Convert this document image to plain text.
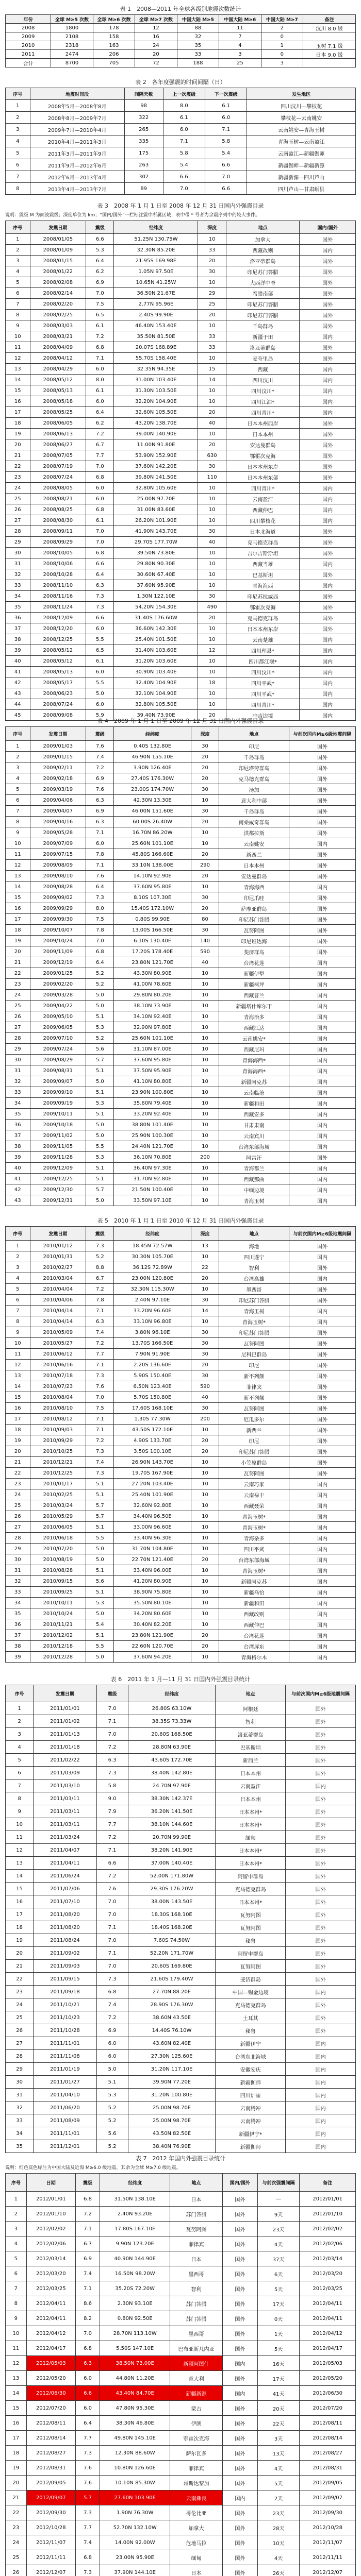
表 1　2008—2011 年全球各级别地震次数统计
年份	全球 M≥5 次数	全球 M≥6 次数	全球 M≥7 次数	中国大陆 M≥5	中国大陆 M≥6	中国大陆 M≥7	备注
2008	1800	178	12	88	11	2	汶川 8.0 级
2009	2108	158	16	32	7	0	
2010	2318	163	24	35	4	1	玉树 7.1 级
2011	2474	206	20	33	3	0	日本 9.0 级
合计	8700	705	72	188	25	3	
表 2　各年度强震的时间间隔（日）
序号	地震时间段	间隔天数	上一次震级	下一次震级	发生地区
1	2008年5月—2008年8月	98	8.0	6.1	四川汶川—攀枝花
2	2008年8月—2009年7月	322	6.1	6.0	攀枝花—云南姚安
3	2009年7月—2010年4月	265	6.0	7.1	云南姚安—青海玉树
4	2010年4月—2011年3月	335	7.1	5.8	青海玉树—云南盈江
5	2011年3月—2011年9月	175	5.8	5.4	云南盈江—新疆伽师
6	2011年9月—2012年6月	263	5.4	6.6	新疆伽师—新疆新源
7	2012年6月—2013年4月	302	6.6	7.0	新疆新源—四川芦山
8	2013年4月—2013年7月	89	7.0	6.6	四川芦山—甘肃岷县
表 3　2008 年 1 月 1 日至 2008 年 12 月 31 日国内外强震目录
说明：震级 M 为面波震级；深度单位为 km；“国内/国外”一栏标注震中所属区域；表中带 * 号者为余震序列中的较大事件。
序号	发震日期	震级	经纬度	深度	地点	国内/国外
1	2008/01/05	6.6	51.25N 130.75W	10	加拿大	国外
2	2008/01/09	5.3	32.30N 85.20E	33	西藏改则	国内
3	2008/01/15	6.4	21.95S 169.98E	20	洛亚蒂群岛	国外
4	2008/01/22	6.2	1.05N 97.50E	30	印尼苏门答腊	国外
5	2008/02/08	6.9	10.65N 41.25W	10	大西洋中脊	国外
6	2008/02/14	7.0	36.50N 21.67E	29	希腊南部	国外
7	2008/02/20	7.5	2.77N 95.96E	25	印尼苏门答腊	国外
8	2008/02/25	6.5	2.40S 99.90E	20	印尼苏门答腊	国外
9	2008/03/03	6.1	46.40N 153.40E	10	千岛群岛	国外
10	2008/03/21	7.2	35.50N 81.50E	33	新疆于田	国内
11	2008/04/09	6.8	20.07S 168.89E	33	洛亚蒂群岛	国外
12	2008/04/12	7.1	55.70S 158.40E	10	麦夸里岛	国外
13	2008/04/29	6.0	32.35N 94.35E	15	西藏	国内
14	2008/05/12	8.0	31.00N 103.40E	14	四川汶川	国内
15	2008/05/13	6.1	31.30N 103.50E	10	四川汶川*	国内
16	2008/05/18	6.0	32.20N 104.90E	10	四川江油*	国内
17	2008/05/25	6.4	32.60N 105.50E	20	四川青川*	国内
18	2008/06/05	6.2	43.20N 138.70E	40	日本本州西岸	国外
19	2008/06/13	7.2	39.00N 140.90E	10	日本本州	国外
20	2008/06/27	6.7	11.00N 91.80E	20	安达曼群岛	国外
21	2008/07/05	7.7	53.90N 152.90E	630	鄂霍次克海	国外
22	2008/07/19	7.0	37.60N 142.20E	30	日本本州东岸	国外
23	2008/07/24	6.8	39.80N 141.50E	110	日本本州东部	国外
24	2008/08/05	6.0	32.80N 105.60E	10	四川青川*	国内
25	2008/08/21	6.0	25.00N 97.70E	10	云南盈江	国内
26	2008/08/25	6.8	31.00N 83.60E	10	西藏仲巴	国内
27	2008/08/30	6.1	26.20N 101.90E	10	四川攀枝花	国内
28	2008/09/11	7.0	41.90N 143.70E	30	日本北海道	国外
29	2008/09/29	7.0	29.70S 177.70W	40	克马德克群岛	国外
30	2008/10/05	6.8	39.50N 73.80E	10	吉尔吉斯斯坦	国外
31	2008/10/06	6.6	29.80N 90.30E	10	西藏当雄	国内
32	2008/10/28	6.4	30.60N 67.40E	10	巴基斯坦	国外
33	2008/11/10	6.3	37.60N 95.90E	10	青海海西	国内
34	2008/11/16	7.3	1.30N 122.10E	30	印尼苏拉威西	国外
35	2008/11/24	7.3	54.20N 154.30E	490	鄂霍次克海	国外
36	2008/12/09	6.6	31.40S 176.60W	20	克马德克群岛	国外
37	2008/12/20	6.0	36.60N 142.30E	10	日本本州东岸	国外
38	2008/12/25	5.5	25.40N 101.50E	10	云南楚雄	国内
39	2008/05/12	6.5	31.40N 103.60E	12	四川理县*	国内
40	2008/05/12	6.1	31.20N 103.60E	10	四川都江堰*	国内
41	2008/05/13	6.0	30.90N 103.40E	10	四川汶川*	国内
42	2008/05/17	5.5	32.40N 104.90E	18	四川平武*	国内
43	2008/06/23	5.0	32.10N 104.90E	10	四川平武*	国内
44	2008/07/24	6.0	32.80N 105.50E	10	四川青川*	国内
45	2008/09/08	5.9	39.40N 73.90E	20	中吉边境	国内
表 4　2009 年 1 月 1 日至 2009 年 12 月 31 日国内外强震目录
序号	发震日期	震级	经纬度	深度	地点	与前次国内M≥6级地震间隔
1	2009/01/03	7.6	0.40S 132.80E	30	印尼	国外
2	2009/01/15	7.4	46.90N 155.10E	20	千岛群岛	国外
3	2009/02/11	7.2	3.90N 126.40E	20	印尼塔劳群岛	国外
4	2009/02/18	6.9	27.40S 176.30W	20	克马德克群岛	国外
5	2009/03/19	7.6	23.00S 174.70W	30	汤加	国外
6	2009/04/06	6.3	42.30N 13.30E	10	意大利中部	国外
7	2009/04/07	6.9	46.00N 151.60E	30	千岛群岛	国外
8	2009/04/16	6.3	60.00S 26.40W	20	南桑威奇群岛	国外
9	2009/05/28	7.1	16.70N 86.20W	10	洪都拉斯	国外
10	2009/07/09	6.0	25.60N 101.10E	10	云南姚安	国内
11	2009/07/15	7.8	45.80S 166.60E	20	新西兰	国外
12	2009/08/09	7.1	33.10N 138.00E	290	日本本州	国外
13	2009/08/10	7.6	14.10N 92.90E	20	安达曼群岛	国外
14	2009/08/28	6.4	37.60N 95.80E	10	青海海西	国内
15	2009/09/02	7.3	8.10S 107.30E	30	印尼爪哇	国外
16	2009/09/29	8.0	15.40S 172.10W	20	萨摩亚群岛	国外
17	2009/09/30	7.5	0.80S 99.90E	80	印尼苏门答腊	国外
18	2009/10/07	7.8	13.00S 166.50E	30	瓦努阿图	国外
19	2009/10/24	7.0	6.10S 130.40E	140	印尼班达海	国外
20	2009/11/09	6.8	17.20S 178.40E	590	斐济群岛	国外
21	2009/12/19	6.4	23.80N 121.70E	40	台湾花莲	国内
22	2009/01/25	5.2	43.30N 80.90E	10	新疆伊犁	国内
23	2009/02/20	5.2	41.00N 78.60E	10	新疆柯坪	国内
24	2009/03/28	5.0	29.80N 80.20E	10	西藏普兰	国内
25	2009/04/22	5.0	38.10N 73.90E	10	新疆塔什库尔干	国内
26	2009/05/10	5.1	34.10N 92.40E	10	青海治多	国内
27	2009/06/05	5.3	32.90N 97.80E	10	西藏江达	国内
28	2009/07/10	5.2	25.60N 101.10E	10	云南姚安*	国内
29	2009/07/24	5.6	31.10N 87.00E	10	西藏尼玛	国内
30	2009/08/29	5.7	37.60N 95.80E	10	青海海西*	国内
31	2009/08/31	5.1	37.50N 95.90E	10	青海海西*	国内
32	2009/09/07	5.0	41.10N 80.80E	10	新疆阿克苏	国内
33	2009/09/10	5.1	23.90N 100.80E	10	云南临沧	国内
34	2009/09/19	5.3	35.60N 79.40E	10	新疆和田	国内
35	2009/10/11	5.1	33.20N 92.40E	10	西藏安多	国内
36	2009/10/18	5.0	38.80N 101.40E	10	甘肃肃南	国内
37	2009/11/02	5.0	25.90N 100.30E	10	云南宾川	国内
38	2009/11/05	5.5	24.40N 121.70E	10	台湾东部海域	国内
39	2009/11/28	5.3	36.10N 70.80E	200	阿富汗	国外
40	2009/12/09	5.1	36.40N 97.30E	10	青海都兰	国内
41	2009/12/25	5.1	31.70N 92.80E	10	西藏那曲	国内
42	2009/12/30	5.7	21.50N 100.40E	10	中缅边境	国内
43	2009/12/31	5.0	33.50N 97.10E	10	青海玉树	国内
表 5　2010 年 1 月 1 日至 2010 年 12 月 31 日国内外强震目录
序号	发震日期	震级	经纬度	深度	地点	与前次国内M≥6级地震间隔
1	2010/01/12	7.3	18.45N 72.57W	13	海地	国外
2	2010/01/31	5.2	30.30N 105.70E	10	四川遂宁	国内
3	2010/02/27	8.8	36.12S 72.89W	22	智利	国外
4	2010/03/04	6.7	23.00N 120.80E	20	台湾高雄	国内
5	2010/04/04	7.2	32.30N 115.30W	10	墨西哥	国外
6	2010/04/06	7.8	2.40N 97.10E	30	印尼苏门答腊	国外
7	2010/04/14	7.1	33.20N 96.60E	14	青海玉树	国内
8	2010/04/14	6.3	33.10N 96.80E	10	青海玉树*	国内
9	2010/05/09	7.4	3.80N 96.10E	30	印尼苏门答腊	国外
10	2010/05/27	7.2	13.70S 166.50E	30	瓦努阿图	国外
11	2010/06/12	7.7	7.90N 91.90E	30	尼科巴群岛	国外
12	2010/06/16	7.1	2.20S 136.60E	20	印尼	国外
13	2010/07/18	7.3	5.90S 150.40E	30	新不列颠	国外
14	2010/07/23	7.6	6.50N 123.40E	590	菲律宾	国外
15	2010/08/04	7.0	5.70S 150.80E	40	新不列颠	国外
16	2010/08/10	7.5	17.60S 168.10E	30	瓦努阿图	国外
17	2010/08/12	7.1	1.30S 77.30W	200	厄瓜多尔	国外
18	2010/09/03	7.1	43.50S 172.10E	10	新西兰	国外
19	2010/09/29	7.2	4.90S 133.70E	20	印尼	国外
20	2010/10/25	7.3	3.50S 100.10E	20	印尼苏门答腊	国外
21	2010/12/21	7.4	26.90N 143.70E	10	小笠原群岛	国外
22	2010/12/25	7.3	19.70S 167.90E	10	瓦努阿图	国外
23	2010/01/17	5.1	27.20N 103.40E	10	云南巧家	国内
24	2010/02/25	5.1	25.40N 101.90E	10	云南禄丰	国内
25	2010/03/24	5.7	32.60N 92.80E	10	西藏聂荣	国内
26	2010/05/29	5.7	34.40N 96.50E	10	青海玉树*	国内
27	2010/06/05	5.1	33.00N 96.60E	10	青海玉树*	国内
28	2010/06/18	5.5	33.40N 96.30E	10	青海杂多	国内
29	2010/07/20	5.0	31.70N 104.80E	10	四川平武	国内
30	2010/08/19	5.0	22.70N 121.40E	20	台湾东部海域	国内
31	2010/08/28	5.1	33.40N 96.00E	10	青海玉树*	国内
32	2010/09/15	5.6	41.20N 80.90E	10	新疆阿克苏	国内
33	2010/09/25	5.1	38.90N 75.80E	10	新疆乌恰	国内
34	2010/10/11	5.3	35.50N 80.10E	10	新疆和田	国内
35	2010/10/24	5.0	34.20N 80.60E	10	西藏改则	国内
36	2010/11/21	5.4	30.40N 82.20E	10	西藏仲巴	国内
37	2010/12/02	5.1	23.80N 121.90E	20	台湾花莲	国内
38	2010/12/18	5.5	22.60N 120.70E	20	台湾屏东	国内
39	2010/12/28	5.0	37.60N 94.20E	10	青海格尔木	国内
表 6　2011 年 1 月—11 月 31 日国内外强震目录统计
序号	发震日期	震级	经纬度	地点	与前次国内M≥6级地震间隔
1	2011/01/01	7.0	26.80S 63.10W	阿根廷	国外
2	2011/01/02	7.1	38.35S 73.33W	智利	国外
3	2011/01/13	7.0	20.60S 168.50E	洛亚蒂群岛	国外
4	2011/01/18	7.2	28.80N 63.90E	巴基斯坦	国外
5	2011/02/22	6.3	43.60S 172.70E	新西兰	国外
6	2011/03/09	7.3	38.40N 142.80E	日本本州	国外
7	2011/03/10	5.8	24.70N 97.90E	云南盈江	国内
8	2011/03/11	9.0	38.30N 142.37E	日本本州	国外
9	2011/03/11	7.9	36.20N 141.50E	日本本州*	国外
10	2011/03/11	7.7	38.10N 144.60E	日本本州*	国外
11	2011/03/24	7.2	20.70N 99.90E	缅甸	国外
12	2011/04/07	7.1	38.20N 141.90E	日本本州*	国外
13	2011/04/11	6.6	37.00N 140.40E	日本本州*	国外
14	2011/06/24	7.2	52.00N 171.80W	阿留申群岛	国外
15	2011/07/06	7.6	29.30S 176.20W	克马德克群岛	国外
16	2011/07/10	7.0	38.00N 143.50E	日本本州*	国外
17	2011/08/20	7.0	18.30S 168.10E	瓦努阿图	国外
18	2011/08/20	7.1	18.40S 168.20E	瓦努阿图	国外
19	2011/08/24	7.0	7.60S 74.50W	秘鲁	国外
20	2011/09/02	7.1	52.20N 171.70W	阿留申群岛	国外
21	2011/09/03	7.0	20.60S 169.80E	瓦努阿图	国外
22	2011/09/15	7.3	21.60S 179.40W	斐济群岛	国外
23	2011/09/18	6.8	27.70N 88.20E	中国—锡金边境	国内
24	2011/10/21	7.4	28.90S 176.30W	克马德克群岛	国外
25	2011/10/23	7.2	38.60N 43.50E	土耳其	国外
26	2011/10/28	6.9	14.40S 76.10W	秘鲁	国外
27	2011/11/01	6.0	43.60N 82.40E	新疆伊宁	国内
28	2011/11/08	6.0	27.30N 125.60E	台湾东北海域	国内
29	2011/01/19	5.0	31.20N 117.10E	安徽安庆	国内
30	2011/01/27	5.1	39.90N 77.20E	新疆伽师	国内
31	2011/04/10	5.3	31.20N 100.80E	四川炉霍	国内
32	2011/06/20	5.2	25.00N 98.70E	云南腾冲	国内
33	2011/08/09	5.2	25.00N 98.70E	云南腾冲	国内
34	2011/11/01	5.6	43.50N 82.50E	新疆伊宁*	国内
35	2011/12/01	5.2	38.40N 76.90E	新疆伽师	国内
表 7　2012 年国内外强震目录统计
说明：红色底色标注为中国大陆及近海 M≥6.0 级地震，其余为全球 M≥7.0 级地震。
序号	日期	震级	经纬度	地点	国内/国外	与前次强震间隔	备注
1	2012/01/01	6.8	31.50N 138.10E	日本	国外	—	2012/01/01
2	2012/01/10	7.2	2.40N 93.20E	苏门答腊	国外	9天	2012/01/10
3	2012/02/02	7.1	17.80S 167.10E	瓦努阿图	国外	23天	2012/02/02
4	2012/02/06	6.7	9.90N 123.20E	菲律宾	国外	4天	2012/02/06
5	2012/03/14	6.9	40.90N 144.90E	日本	国外	37天	2012/03/14
6	2012/03/20	7.4	16.50N 98.20W	墨西哥	国外	6天	2012/03/20
7	2012/03/25	7.1	35.20S 72.20W	智利	国外	5天	2012/03/25
8	2012/04/11	8.6	2.30N 93.10E	苏门答腊	国外	17天	2012/04/11
9	2012/04/11	8.2	0.80N 92.50E	苏门答腊	国外	0天	2012/04/11
10	2012/04/12	7.0	28.70N 113.10W	墨西哥	国外	1天	2012/04/12
11	2012/04/17	6.8	5.50S 147.10E	巴布亚新几内亚	国外	5天	2012/04/17
12	2012/05/03	6.3	38.50N 73.00E	新疆阿图什	国内	16天	2012/05/03
13	2012/05/20	6.0	44.80N 11.20E	意大利	国外	17天	2012/05/20
14	2012/06/30	6.6	43.40N 84.70E	新疆新源	国内	41天	2012/06/30
15	2012/07/20	6.0	47.80N 95.30E	蒙古	国外	20天	2012/07/20
16	2012/08/11	6.4	38.30N 46.80E	伊朗	国外	22天	2012/08/11
17	2012/08/14	7.7	49.80N 145.10E	鄂霍次克海	国外	3天	2012/08/14
18	2012/08/27	7.3	12.30N 88.60W	萨尔瓦多	国外	13天	2012/08/27
19	2012/08/31	7.6	10.80N 126.60E	菲律宾	国外	4天	2012/08/31
20	2012/09/05	7.6	10.10N 85.30W	哥斯达黎加	国外	5天	2012/09/05
21	2012/09/07	5.7	27.60N 103.90E	云南彝良	国内	2天	2012/09/07
22	2012/09/30	7.3	1.90N 76.30W	哥伦比亚	国外	23天	2012/09/30
23	2012/10/28	7.7	52.70N 132.10W	加拿大	国外	28天	2012/10/28
24	2012/11/07	7.4	14.00N 92.00W	危地马拉	国外	10天	2012/11/07
25	2012/11/11	6.8	23.00N 95.90E	缅甸	国外	4天	2012/11/11
26	2012/12/07	7.3	37.90N 144.10E	日本	国外	26天	2012/12/07
